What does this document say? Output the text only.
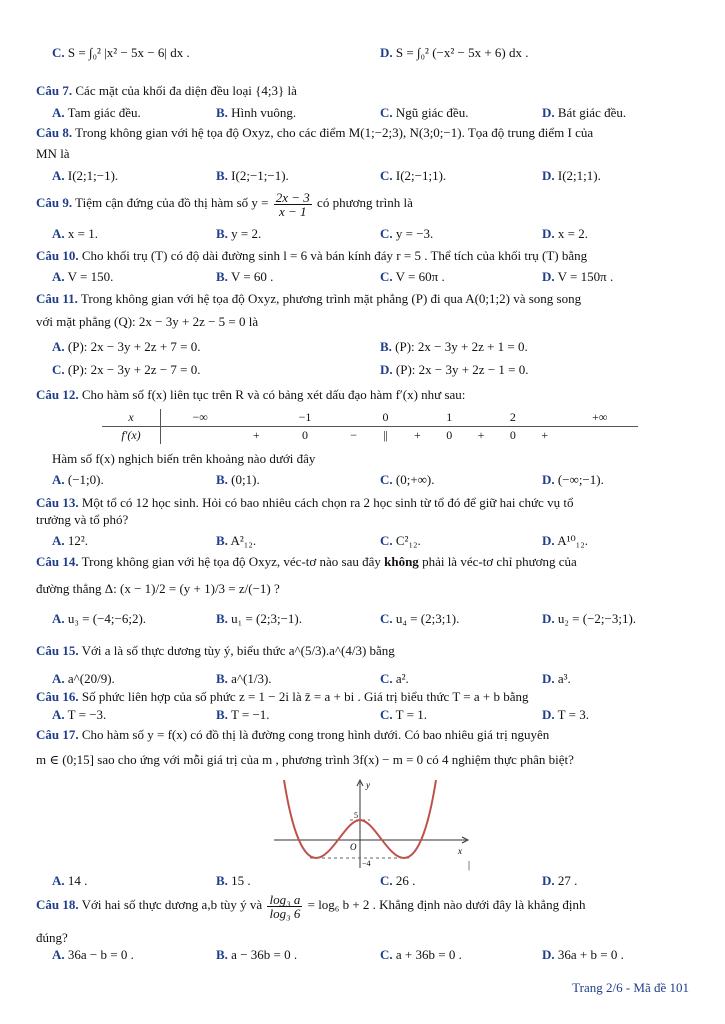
C. S = ∫₀² |x² − 5x − 6| dx .	D. S = ∫₀² (−x² − 5x + 6) dx .
Câu 7. Các mặt của khối đa diện đều loại {4;3} là
A. Tam giác đều.	B. Hình vuông.	C. Ngũ giác đều.	D. Bát giác đều.
Câu 8. Trong không gian với hệ tọa độ Oxyz, cho các điểm M(1;−2;3), N(3;0;−1). Tọa độ trung điểm I của
MN là
A. I(2;1;−1).	B. I(2;−1;−1).	C. I(2;−1;1).	D. I(2;1;1).
Câu 9. Tiệm cận đứng của đồ thị hàm số $y = \frac{2x - 3}{x - 1}$ có phương trình là
A. x = 1.	B. y = 2.	C. y = −3.	D. x = 2.
Câu 10. Cho khối trụ (T) có độ dài đường sinh l = 6 và bán kính đáy r = 5 . Thể tích của khối trụ (T) bằng
A. V = 150.	B. V = 60 .	C. V = 60π .	D. V = 150π .
Câu 11. Trong không gian với hệ tọa độ Oxyz, phương trình mặt phẳng (P) đi qua A(0;1;2) và song song
với mặt phẳng (Q): 2x − 3y + 2z − 5 = 0 là
A. (P): 2x − 3y + 2z + 7 = 0.	B. (P): 2x − 3y + 2z + 1 = 0.
C. (P): 2x − 3y + 2z − 7 = 0.	D. (P): 2x − 3y + 2z − 1 = 0.
Câu 12. Cho hàm số f(x) liên tục trên R và có bảng xét dấu đạo hàm f′(x) như sau:
x	−∞		−1		0		1		2		+∞
f′(x)		+	0	−	||	+	0	+	0	+	
Hàm số f(x) nghịch biến trên khoảng nào dưới đây
A. (−1;0).	B. (0;1).	C. (0;+∞).	D. (−∞;−1).
Câu 13. Một tổ có 12 học sinh. Hỏi có bao nhiêu cách chọn ra 2 học sinh từ tổ đó để giữ hai chức vụ tổ
trưởng và tổ phó?
A. 12².	B. A²₁₂.	C. C²₁₂.	D. A¹⁰₁₂.
Câu 14. Trong không gian với hệ tọa độ Oxyz, véc-tơ nào sau đây không phải là véc-tơ chỉ phương của
đường thẳng Δ: (x − 1)/2 = (y + 1)/3 = z/(−1) ?
A. u₃ = (−4;−6;2).	B. u₁ = (2;3;−1).	C. u₄ = (2;3;1).	D. u₂ = (−2;−3;1).
Câu 15. Với a là số thực dương tùy ý, biểu thức a^(5/3).a^(4/3) bằng
A. a^(20/9).	B. a^(1/3).	C. a².	D. a³.
Câu 16. Số phức liên hợp của số phức z = 1 − 2i là z̄ = a + bi . Giá trị biểu thức T = a + b bằng
A. T = −3.	B. T = −1.	C. T = 1.	D. T = 3.
Câu 17. Cho hàm số y = f(x) có đồ thị là đường cong trong hình dưới. Có bao nhiêu giá trị nguyên
m ∈ (0;15] sao cho ứng với mỗi giá trị của m , phương trình 3f(x) − m = 0 có 4 nghiệm thực phân biệt?
y
x
O
5
−4	|
A. 14 .	B. 15 .	C. 26 .	D. 27 .
Câu 18. Với hai số thực dương a,b tùy ý và $\frac{\text{log₃ a}}{\text{log₃ 6}} = \log_6$ b + 2 . Khẳng định nào dưới đây là khẳng định
đúng?
A. 36a − b = 0 .	B. a − 36b = 0 .	C. a + 36b = 0 .	D. 36a + b = 0 .
Trang 2/6 - Mã đề 101
